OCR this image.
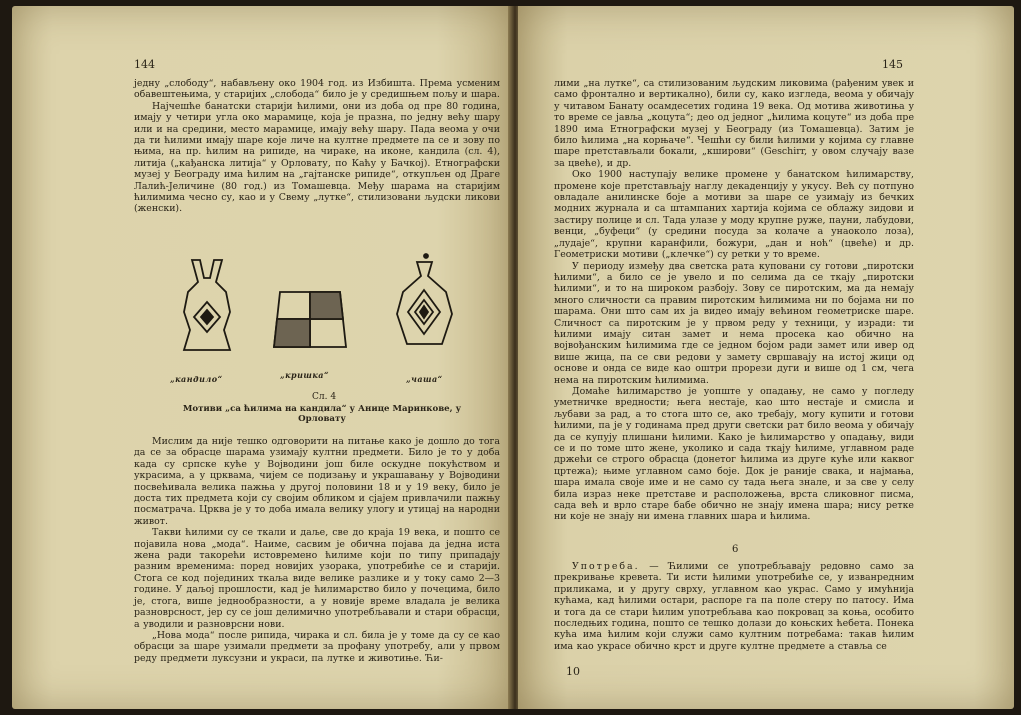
144

једну „слободу“, набављену око 1904 год. из Избишта. Према усменим обавештењима, у старијих „слобода“ било је у средишњем пољу и шара.

Најчешће банатски старији ћилими, они из доба од пре 80 година, имају у четири угла око марамице, која је празна, по једну већу шару или и на средини, место марамице, имају већу шару. Пада веома у очи да ти ћилими имају шаре које личе на култне предмете па се и зову по њима, на пр. ћилим на рипиде, на чираке, на иконе, кандила (сл. 4), литија („кађанска литија“ у Орловату, по Каћу у Бачкој). Етнографски музеј у Београду има ћилим на „гајтанске рипиде“, откупљен од Драге Лалић-Јеличине (80 год.) из Томашевца. Међу шарама на старијим ћилимима чесно су, као и у Свему „лутке“, стилизовани људски ликови (женски).

„кандило“	„кришка“	„чаша“
Сл. 4
Мотиви „са ћилима на кандила“ у Анице Маринкове, у Орловату

Мислим да није тешко одговорити на питање како је дошло до тога да се за обрасце шарама узимају култни предмети. Било је то у доба када су српске куће у Војводини још биле оскудне покућством и украсима, а у црквама, чијем се подизању и украшавању у Војводини посвећивала велика пажња у другој половини 18 и у 19 веку, било је доста тих предмета који су својим обликом и сјајем привлачили пажњу посматрача. Црква је у то доба имала велику улогу и утицај на народни живот.

Такви ћилими су се ткали и даље, све до краја 19 века, и пошто се појавила нова „мода“. Наиме, сасвим је обична појава да једна иста жена ради такорећи истовремено ћилиме који по типу припадају разним временима: поред новијих узорака, употребиће се и старији. Стога се код појединих ткаља виде велике разлике и у току само 2—3 године. У даљој прошлости, кад је ћилимарство било у почецима, било је, стога, више једнообразности, а у новије време владала је велика разноврсност, јер су се још делимично употребљавали и стари обрасци, а уводили и разноврсни нови.

„Нова мода“ после рипида, чирака и сл. била је у томе да су се као обрасци за шаре узимали предмети за профану употребу, али у првом реду предмети луксузни и украси, па лутке и животиње. Ћи-

145

лими „на лутке“, са стилизованим људским ликовима (рађеним увек и само фронтално и вертикално), били су, како изгледа, веома у обичају у читавом Банату осамдесетих година 19 века. Од мотива животиња у то време се јавља „коцута“; део од једног „ћилима коцуте“ из доба пре 1890 има Етнографски музеј у Београду (из Томашевца). Затим је било ћилима „на корњаче“. Чешћи су били ћилими у којима су главне шаре претстављали бокали, „кширови“ (Geschirr, у овом случају вазе за цвеће), и др.

Око 1900 наступају велике промене у банатском ћилимарству, промене које претстављају наглу декаденцију у укусу. Већ су потпуно овладале анилинске боје а мотиви за шаре се узимају из бечких модних журнала и са штампаних хартија којима се облажу зидови и застиру полице и сл. Тада улазе у моду крупне руже, пауни, лабудови, венци, „буфеци“ (у средини посуда за колаче а унаоколо лоза), „лудаје“, крупни каранфили, божури, „дан и ноћ“ (цвеће) и др. Геометриски мотиви („клечке“) су ретки у то време.

У периоду између два светска рата куповани су готови „пиротски ћилими“, а било се је увело и по селима да се ткају „пиротски ћилими“, и то на широком разбоју. Зову се пиротским, ма да немају много сличности са правим пиротским ћилимима ни по бојама ни по шарама. Они што сам их ја видео имају већином геометриске шаре. Сличност са пиротским је у првом реду у техници, у изради: ти ћилими имају ситан замет и нема просека као обично на војвођанским ћилимима где се једном бојом ради замет или ивер од више жица, па се сви редови у замету свршавају на истој жици од основе и онда се виде као оштри прорези дуги и више од 1 см, чега нема на пиротским ћилимима.

Домаће ћилимарство је уопште у опадању, не само у погледу уметничке вредности; њега нестаје, као што нестаје и смисла и љубави за рад, а то стога што се, ако требају, могу купити и готови ћилими, па је у годинама пред други светски рат било веома у обичају да се купују плишани ћилими. Како је ћилимарство у опадању, види се и по томе што жене, уколико и сада ткају ћилиме, углавном раде држећи се строго обрасца (донетог ћилима из друге куће или каквог цртежа); њиме углавном само боје. Док је раније свака, и најмања, шара имала своје име и не само су тада њега знале, и за све у селу била израз неке претставе и расположења, врста сликовног писма, сада већ и врло старе бабе обично не знају имена шара; нису ретке ни које не знају ни имена главних шара и ћилима.

6

Употреба. — Ћилими се употребљавају редовно само за прекривање кревета. Ти исти ћилими употребиће се, у изванредним приликама, и у другу сврху, углавном као украс. Само у имућнија кућама, кад ћилими остари, распоре га па поле стеру по патосу. Има и тога да се стари ћилим употребљава као покровац за коња, особито последњих година, пошто се тешко долази до коњских ћебета. Понека кућа има ћилим који служи само култним потребама: такав ћилим има као украсе обично крст и друге култне предмете а стављa се

10
